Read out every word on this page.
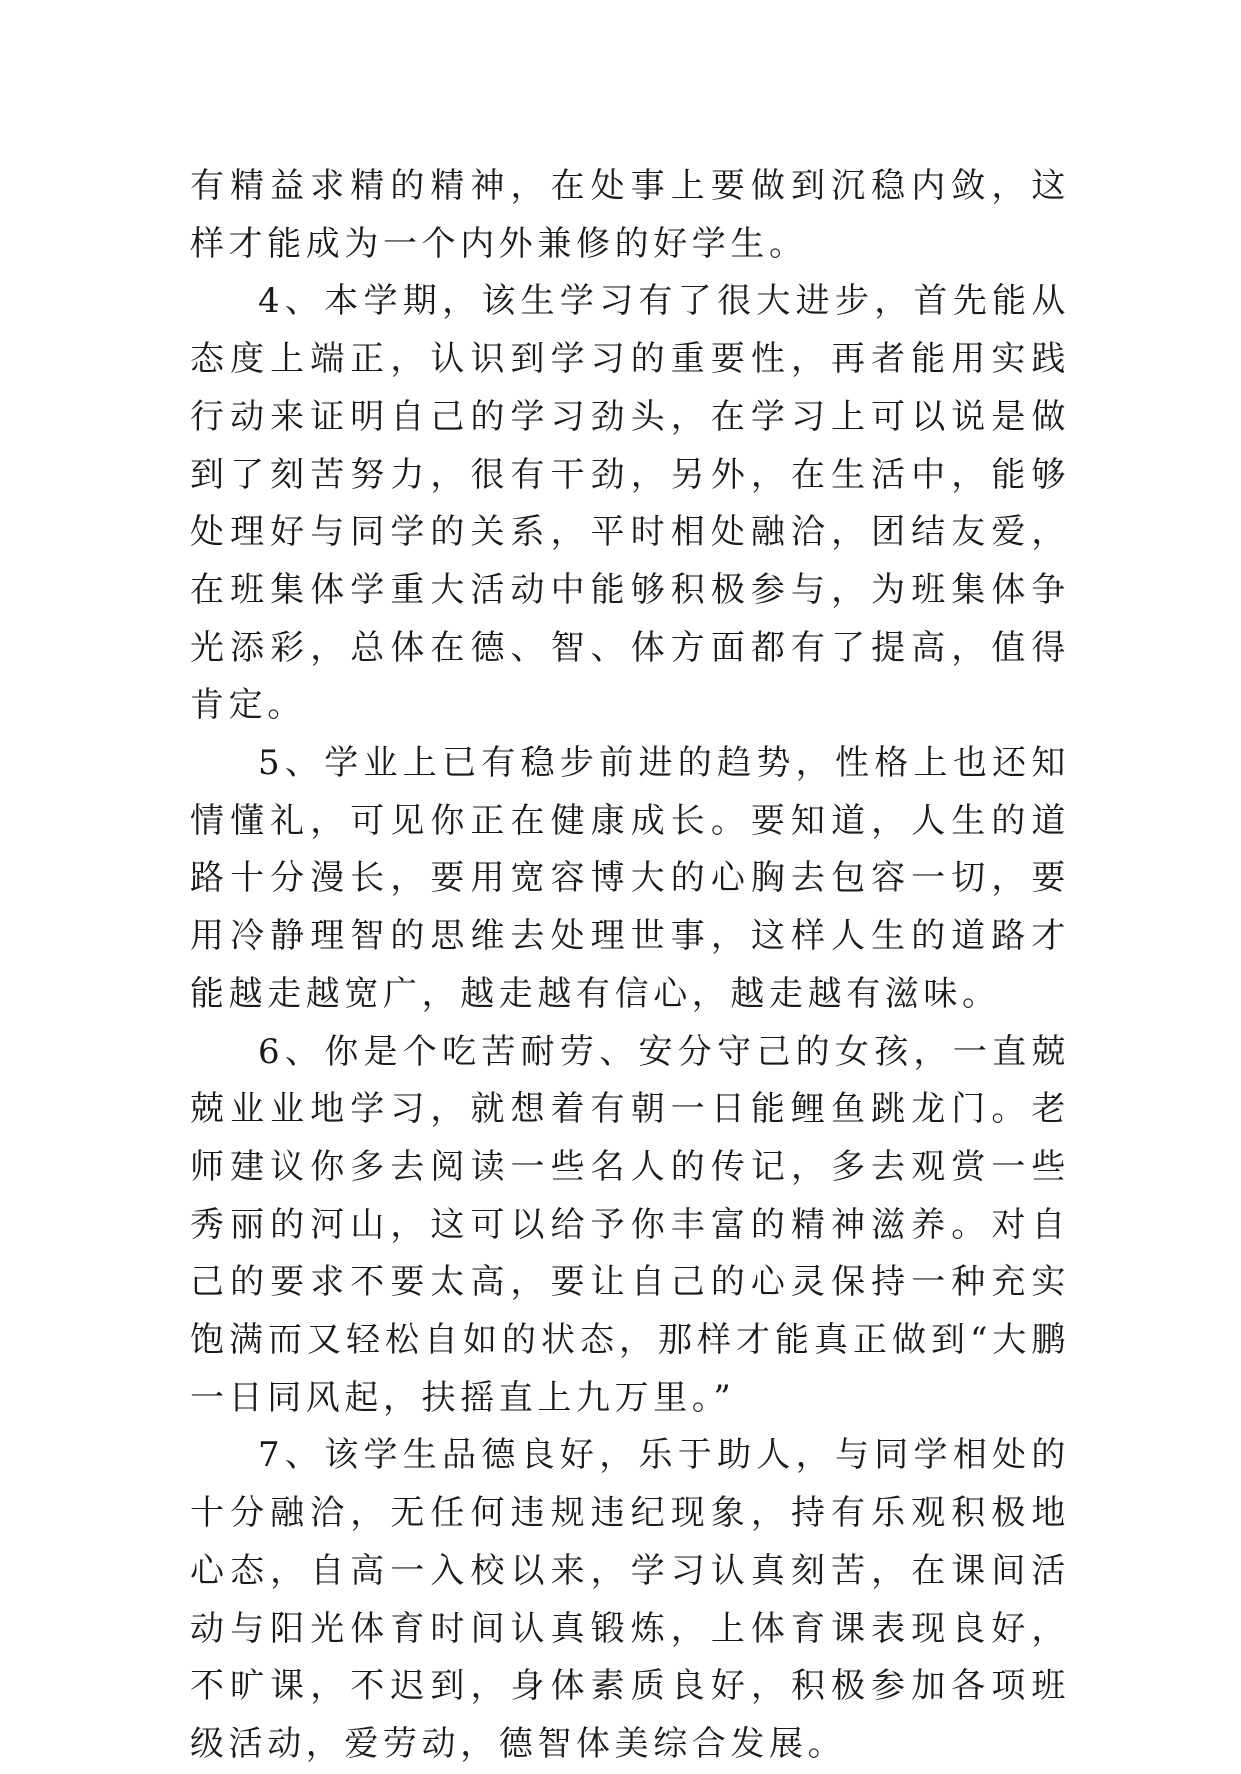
有精益求精的精神，在处事上要做到沉稳内敛，这样才能成为一个内外兼修的好学生。

4、本学期，该生学习有了很大进步，首先能从态度上端正，认识到学习的重要性，再者能用实践行动来证明自己的学习劲头，在学习上可以说是做到了刻苦努力，很有干劲，另外，在生活中，能够处理好与同学的关系，平时相处融洽，团结友爱，在班集体学重大活动中能够积极参与，为班集体争光添彩，总体在德、智、体方面都有了提高，值得肯定。

5、学业上已有稳步前进的趋势，性格上也还知情懂礼，可见你正在健康成长。要知道，人生的道路十分漫长，要用宽容博大的心胸去包容一切，要用冷静理智的思维去处理世事，这样人生的道路才能越走越宽广，越走越有信心，越走越有滋味。

6、你是个吃苦耐劳、安分守己的女孩，一直兢兢业业地学习，就想着有朝一日能鲤鱼跳龙门。老师建议你多去阅读一些名人的传记，多去观赏一些秀丽的河山，这可以给予你丰富的精神滋养。对自己的要求不要太高，要让自己的心灵保持一种充实饱满而又轻松自如的状态，那样才能真正做到“大鹏一日同风起，扶摇直上九万里。”

7、该学生品德良好，乐于助人，与同学相处的十分融洽，无任何违规违纪现象，持有乐观积极地心态，自高一入校以来，学习认真刻苦，在课间活动与阳光体育时间认真锻炼，上体育课表现良好，不旷课，不迟到，身体素质良好，积极参加各项班级活动，爱劳动，德智体美综合发展。
